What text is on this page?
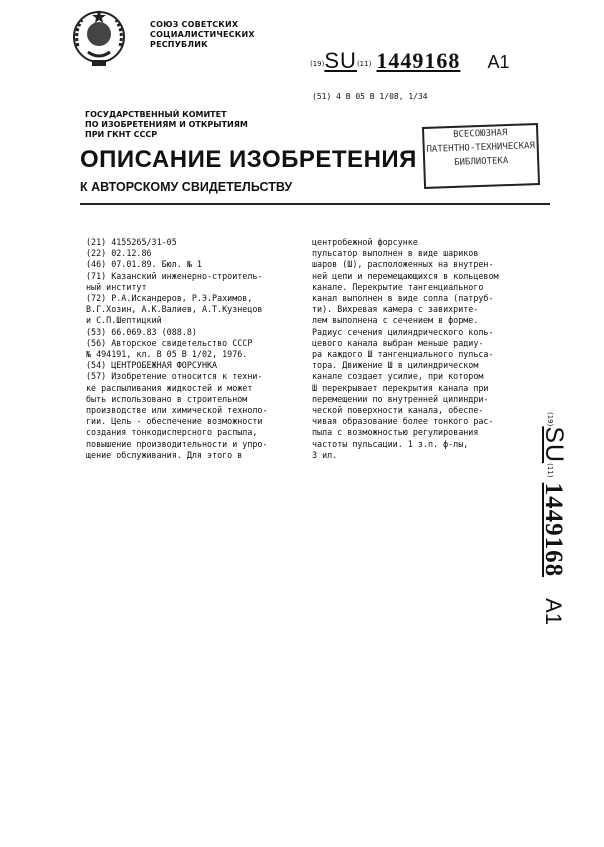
СОЮЗ СОВЕТСКИХ
СОЦИАЛИСТИЧЕСКИХ
РЕСПУБЛИК
(19)SU(11) 1449168 A1
(51) 4 В 05 В 1/08, 1/34
ГОСУДАРСТВЕННЫЙ КОМИТЕТ
ПО ИЗОБРЕТЕНИЯМ И ОТКРЫТИЯМ
ПРИ ГКНТ СССР	ВСЕСОЮЗНАЯ
ПАТЕНТНО-ТЕХНИЧЕСКАЯ
БИБЛИОТЕКА
ОПИСАНИЕ ИЗОБРЕТЕНИЯ
К АВТОРСКОМУ СВИДЕТЕЛЬСТВУ
(21) 4155265/31-05
(22) 02.12.86
(46) 07.01.89. Бюл. № 1
(71) Казанский инженерно-строитель-
ный институт
(72) Р.А.Искандеров, Р.Э.Рахимов,
В.Г.Хозин, А.К.Валиев, А.Т.Кузнецов
и С.П.Шептицкий
(53) 66.069.83 (088.8)
(56) Авторское свидетельство СССР
№ 494191, кл. В 05 В 1/02, 1976.
(54) ЦЕНТРОБЕЖНАЯ ФОРСУНКА
(57) Изобретение относится к техни-
ке распыливания жидкостей и может
быть использовано в строительном
производстве или химической техноло-
гии. Цель - обеспечение возможности
создания тонкодисперсного распыла,
повышение производительности и упро-
щение обслуживания. Для этого в
центробежной форсунке
пульсатор выполнен в виде шариков
шаров (Ш), расположенных на внутрен-
ней цепи и перемещающихся в кольцевом
канале. Перекрытие тангенциального
канал выполнен в виде сопла (патруб-
ти). Вихревая камера с завихрите-
лем выполнена с сечением в форме.
Радиус сечения цилиндрического коль-
цевого канала выбран меньше радиу-
ра каждого Ш тангенциального пульса-
тора. Движение Ш в цилиндрическом
канале создает усилие, при котором
Ш перекрывает перекрытия канала при
перемещении по внутренней цилиндри-
ческой поверхности канала, обеспе-
чивая образование более тонкого рас-
пыла с возможностью регулирования
частоты пульсации. 1 з.п. ф-лы,
3 ил.
(19)SU(11) 1449168 A1
